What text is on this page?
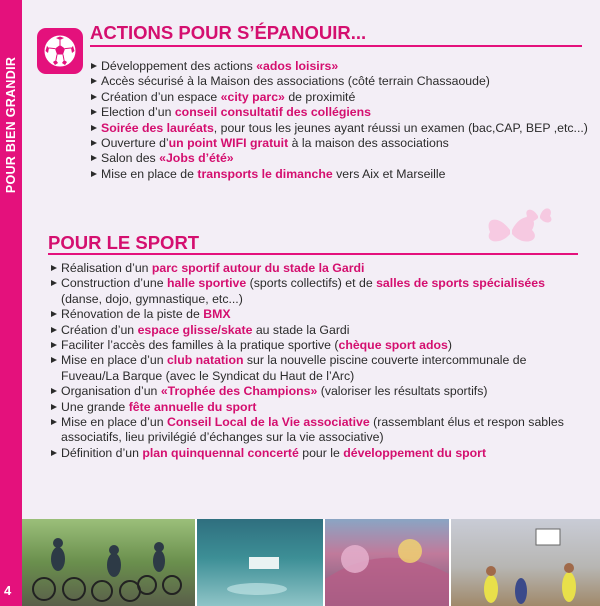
POUR BIEN GRANDIR
4
ACTIONS POUR S’ÉPANOUIR...
Développement des actions «ados loisirs»
Accès sécurisé à la Maison des associations (côté terrain Chassaoude)
Création d’un espace «city parc» de proximité
Election d’un conseil consultatif des collégiens
Soirée des lauréats, pour tous les jeunes ayant réussi un examen (bac,CAP, BEP ,etc...)
Ouverture d’un point WIFI gratuit à la maison des associations
Salon des «Jobs d’été»
Mise en place de transports le dimanche vers Aix et Marseille
POUR LE SPORT
Réalisation d’un parc sportif autour du stade la Gardi
Construction d’une halle sportive (sports collectifs) et de salles de sports spécialisées (danse, dojo, gymnastique, etc...)
Rénovation de la piste de BMX
Création d’un espace glisse/skate au stade la Gardi
Faciliter l’accès des familles à la pratique sportive (chèque sport ados)
Mise en place d’un club natation sur la nouvelle piscine couverte intercommunale de Fuveau/La Barque (avec le Syndicat du Haut de l’Arc)
Organisation d’un «Trophée des Champions» (valoriser les résultats sportifs)
Une grande fête annuelle du sport
Mise en place d’un Conseil Local de la Vie associative (rassemblant élus et respon sables associatifs, lieu privilégié d’échanges sur la vie associative)
Définition d’un plan quinquennal concerté pour le développement du sport
